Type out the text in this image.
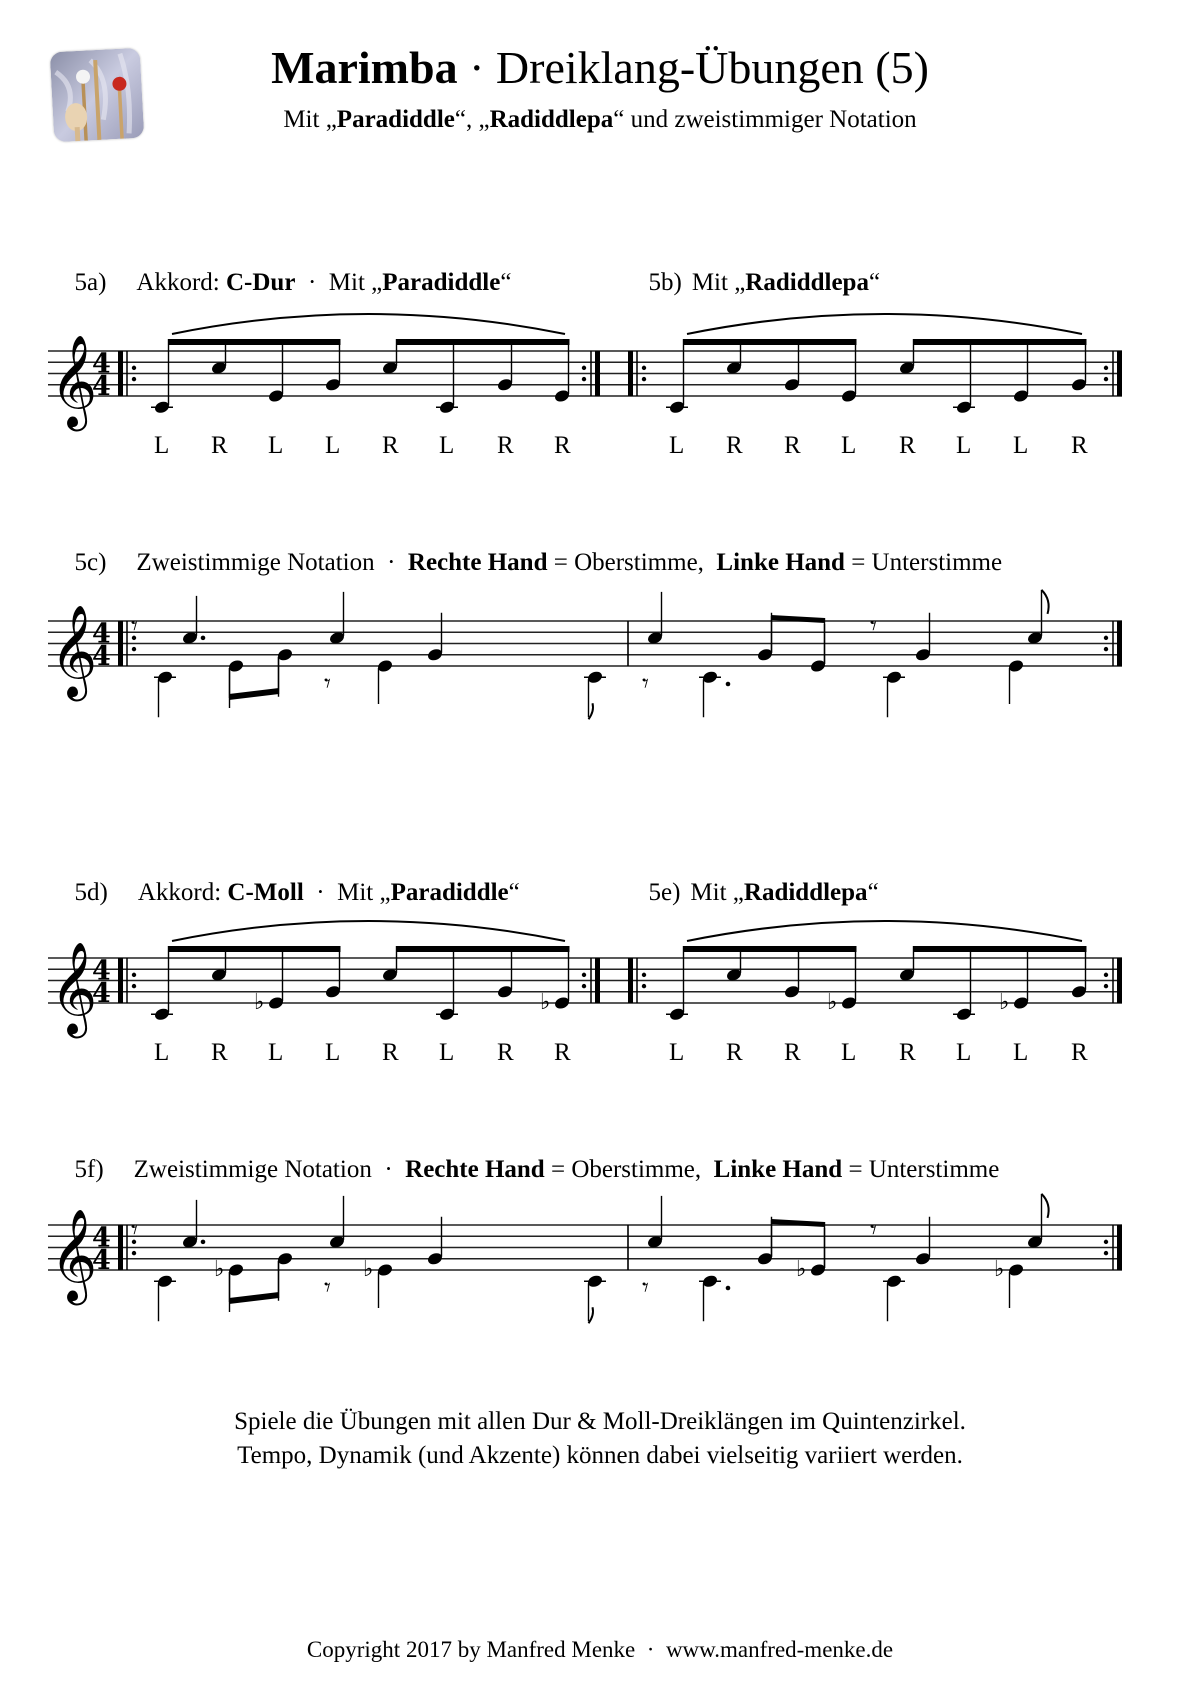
Marimba · Dreiklang-Übungen (5)
Mit „Paradiddle“, „Radiddlepa“ und zweistimmiger Notation

5a) Akkord: C-Dur  ·  Mit „Paradiddle“	5b) Mit „Radiddlepa“

5c) Zweistimmige Notation  ·  Rechte Hand = Oberstimme,  Linke Hand = Unterstimme

5d) Akkord: C-Moll  ·  Mit „Paradiddle“	5e) Mit „Radiddlepa“

5f) Zweistimmige Notation  ·  Rechte Hand = Oberstimme,  Linke Hand = Unterstimme

𝄞
4
4
𝄞
4
4	♭	♭	♭	♭
𝄞
4
4
𝄾
𝄾
𝄾
𝄾
𝄞
4
4
𝄾
♭
𝄾
♭	♭
𝄾
𝄾
♭
L R L L R L R R	L R R L R L L R
L R L L R L R R	L R R L R L L R
Spiele die Übungen mit allen Dur & Moll-Dreiklängen im Quintenzirkel.
Tempo, Dynamik (und Akzente) können dabei vielseitig variiert werden.
Copyright 2017 by Manfred Menke  ·  www.manfred-menke.de
